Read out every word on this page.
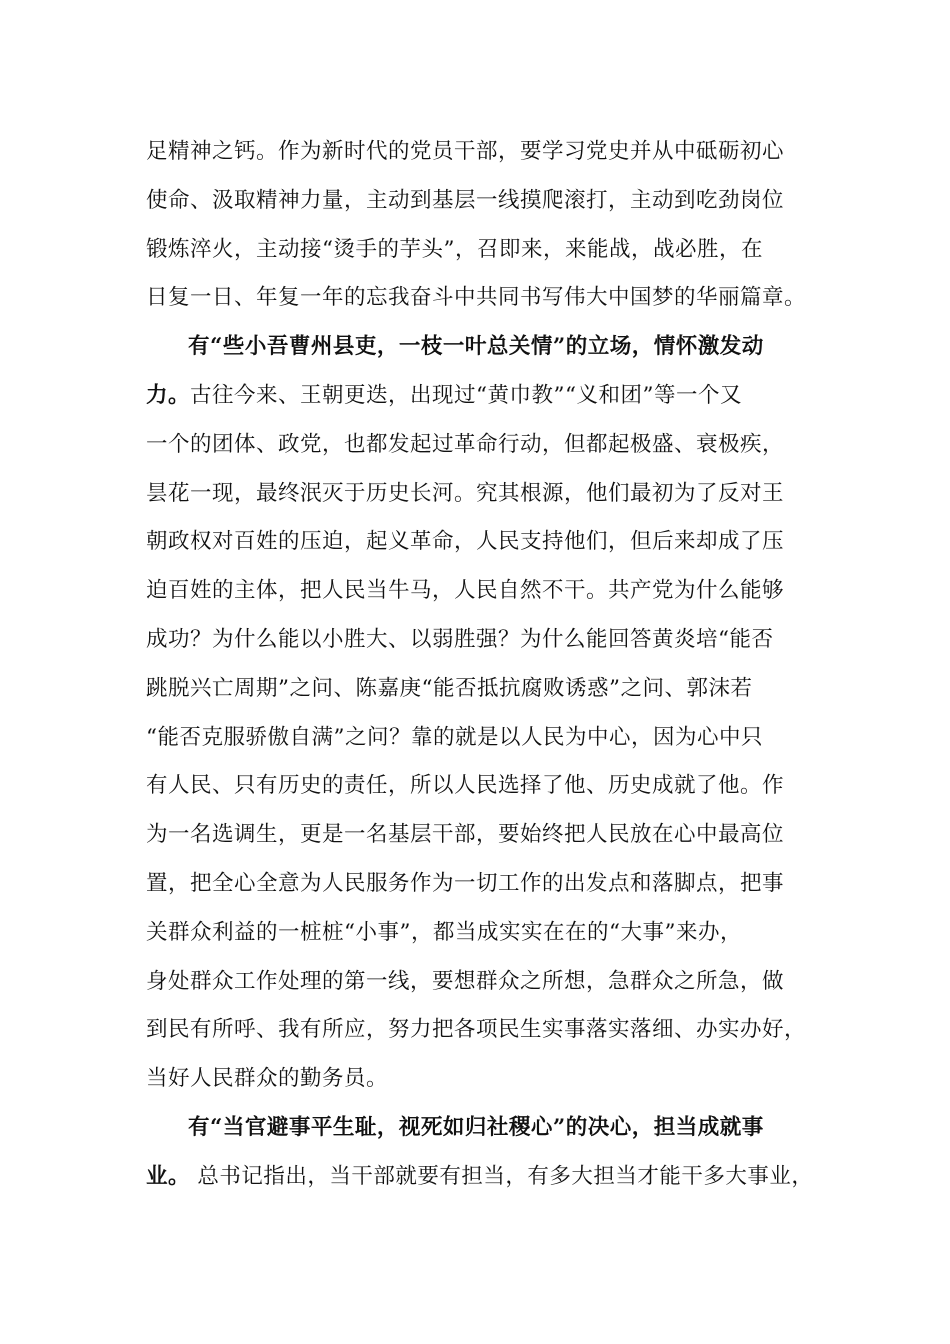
足精神之钙。作为新时代的党员干部，要学习党史并从中砥砺初心
使命、汲取精神力量，主动到基层一线摸爬滚打，主动到吃劲岗位
锻炼淬火，主动接“烫手的芋头”，召即来，来能战，战必胜，在
日复一日、年复一年的忘我奋斗中共同书写伟大中国梦的华丽篇章。
有“些小吾曹州县吏，一枝一叶总关情”的立场，情怀激发动
力。古往今来、王朝更迭，出现过“黄巾教”“义和团”等一个又
一个的团体、政党，也都发起过革命行动，但都起极盛、衰极疾，
昙花一现，最终泯灭于历史长河。究其根源，他们最初为了反对王
朝政权对百姓的压迫，起义革命，人民支持他们，但后来却成了压
迫百姓的主体，把人民当牛马，人民自然不干。共产党为什么能够
成功？为什么能以小胜大、以弱胜强？为什么能回答黄炎培“能否
跳脱兴亡周期”之问、陈嘉庚“能否抵抗腐败诱惑”之问、郭沫若
“能否克服骄傲自满”之问？靠的就是以人民为中心，因为心中只
有人民、只有历史的责任，所以人民选择了他、历史成就了他。作
为一名选调生，更是一名基层干部，要始终把人民放在心中最高位
置，把全心全意为人民服务作为一切工作的出发点和落脚点，把事
关群众利益的一桩桩“小事”，都当成实实在在的“大事”来办，
身处群众工作处理的第一线，要想群众之所想，急群众之所急，做
到民有所呼、我有所应，努力把各项民生实事落实落细、办实办好，
当好人民群众的勤务员。
有“当官避事平生耻，视死如归社稷心”的决心，担当成就事
业。 总书记指出，当干部就要有担当，有多大担当才能干多大事业，
